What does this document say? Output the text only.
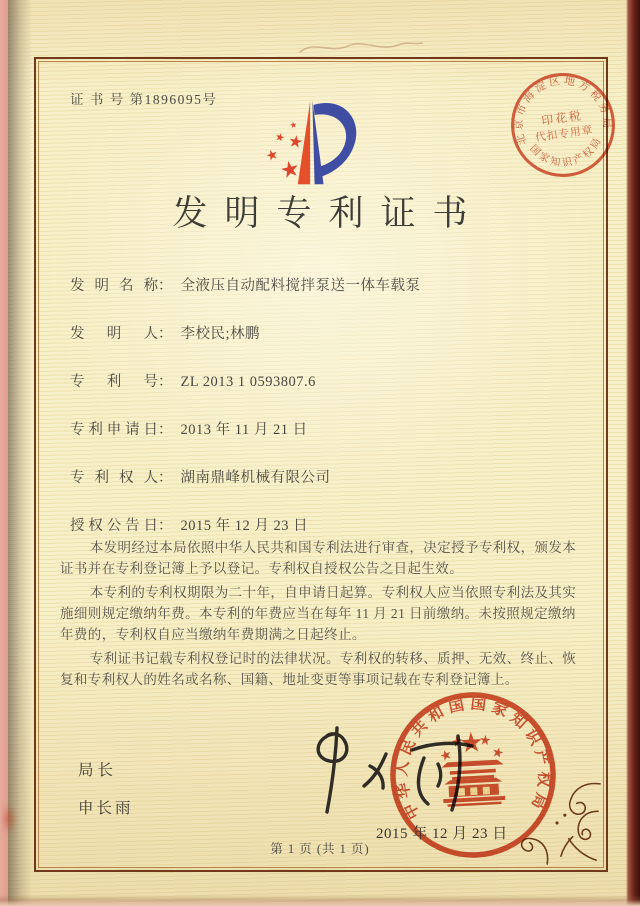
证 书 号 第1896095号
北京市海淀区地方税务局
国家知识产权局
印花税
代扣专用章
发明专利证书
发明名称： 全液压自动配料搅拌泵送一体车载泵
发明人： 李校民;林鹏
专利号： ZL 2013 1 0593807.6
专利申请日： 2013 年 11 月 21 日
专利权人： 湖南鼎峰机械有限公司
授权公告日： 2015 年 12 月 23 日

本发明经过本局依照中华人民共和国专利法进行审查，决定授予专利权，颁发本证书并在专利登记簿上予以登记。专利权自授权公告之日起生效。

本专利的专利权期限为二十年，自申请日起算。专利权人应当依照专利法及其实施细则规定缴纳年费。本专利的年费应当在每年 11 月 21 日前缴纳。未按照规定缴纳年费的，专利权自应当缴纳年费期满之日起终止。

专利证书记载专利权登记时的法律状况。专利权的转移、质押、无效、终止、恢复和专利权人的姓名或名称、国籍、地址变更等事项记载在专利登记簿上。

局长
申长雨	中华人民共和国国家知识产权局
2015 年 12 月 23 日
第 1 页 (共 1 页)
